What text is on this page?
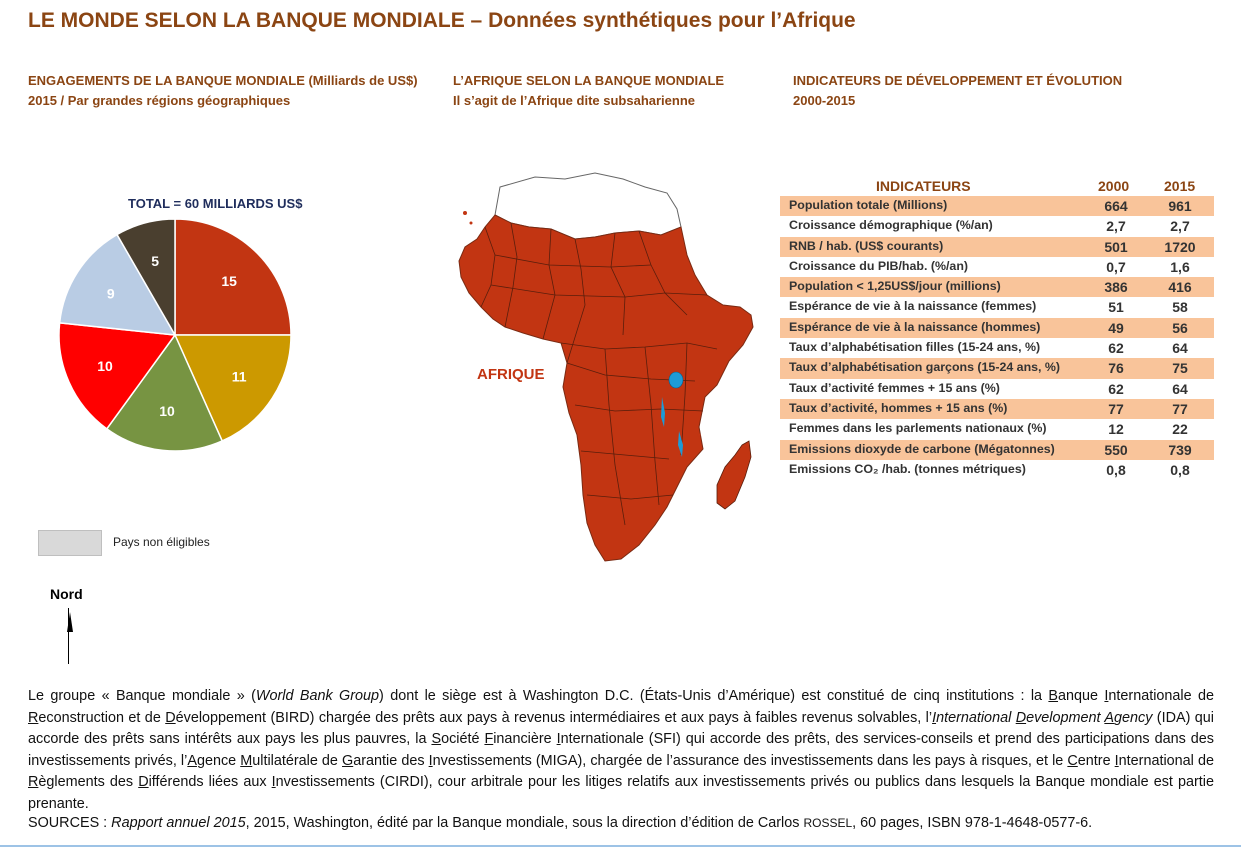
LE MONDE SELON LA BANQUE MONDIALE – Données synthétiques pour l’Afrique
ENGAGEMENTS DE LA BANQUE MONDIALE (Milliards de US$)
2015 / Par grandes régions géographiques
L’AFRIQUE SELON LA BANQUE MONDIALE
Il s’agit de l’Afrique dite subsaharienne
INDICATEURS DE DÉVELOPPEMENT ET ÉVOLUTION
2000-2015
TOTAL = 60 MILLIARDS US$
15
11
10
10
9
5
AFRIQUE
Pays non éligibles
Nord
INDICATEURS	2000 2015
Population totale (Millions)	664	961
Croissance démographique (%/an)	2,7	2,7
RNB / hab. (US$ courants)	501	1720
Croissance du PIB/hab. (%/an)	0,7	1,6
Population < 1,25US$/jour (millions)	386	416
Espérance de vie à la naissance (femmes)	51	58
Espérance de vie à la naissance (hommes)	49	56
Taux d’alphabétisation filles (15-24 ans, %)	62	64
Taux d’alphabétisation garçons (15-24 ans, %)	76	75
Taux d’activité femmes + 15 ans (%)	62	64
Taux d’activité, hommes + 15 ans (%)	77	77
Femmes dans les parlements nationaux (%)	12	22
Emissions dioxyde de carbone (Mégatonnes)	550	739
Emissions CO₂ /hab. (tonnes métriques)	0,8	0,8
Le groupe « Banque mondiale » (World Bank Group) dont le siège est à Washington D.C. (États-Unis d’Amérique) est constitué de cinq institutions : la Banque Internationale de Reconstruction et de Développement (BIRD) chargée des prêts aux pays à revenus intermédiaires et aux pays à faibles revenus solvables, l’International Development Agency (IDA) qui accorde des prêts sans intérêts aux pays les plus pauvres, la Société Financière Internationale (SFI) qui accorde des prêts, des services-conseils et prend des participations dans des investissements privés, l’Agence Multilatérale de Garantie des Investissements (MIGA), chargée de l’assurance des investissements dans les pays à risques, et le Centre International de Règlements des Différends liées aux Investissements (CIRDI), cour arbitrale pour les litiges relatifs aux investissements privés ou publics dans lesquels la Banque mondiale est partie prenante.
SOURCES : Rapport annuel 2015, 2015, Washington, édité par la Banque mondiale, sous la direction d’édition de Carlos ROSSEL, 60 pages, ISBN 978-1-4648-0577-6.
